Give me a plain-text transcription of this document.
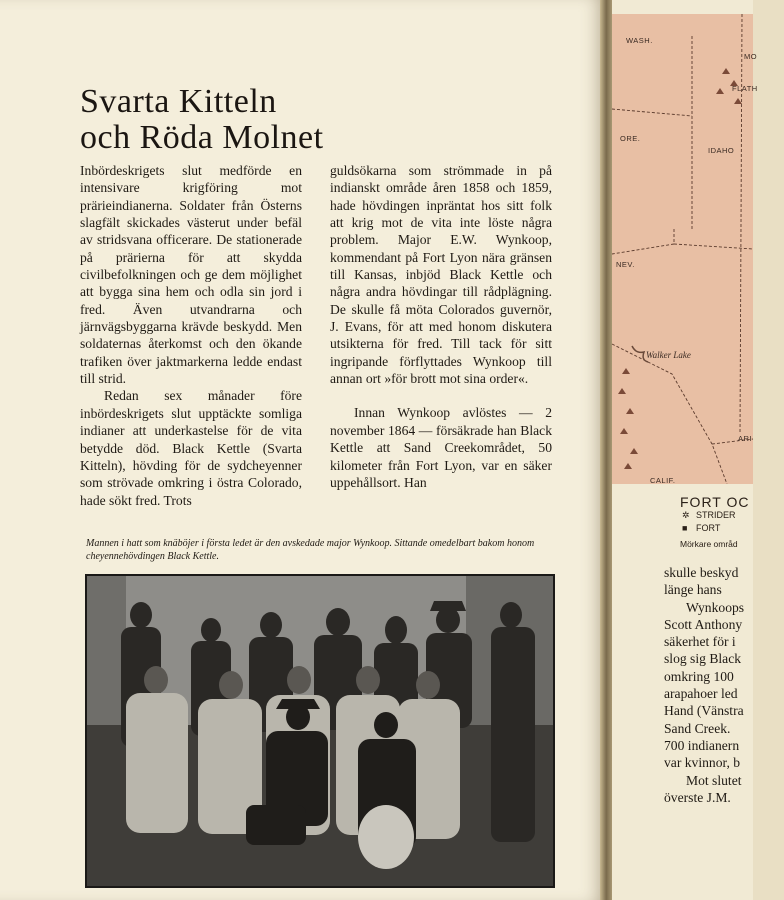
Svarta Kitteln
och Röda Molnet

Inbördeskrigets slut medförde en intensivare krigföring mot prärieindianerna. Soldater från Österns slagfält skickades västerut under befäl av stridsvana officerare. De stationerade på prärierna för att skydda civilbefolkningen och ge dem möjlighet att bygga sina hem och odla sin jord i fred. Även utvandrarna och järnvägsbyggarna krävde beskydd. Men soldaternas återkomst och den ökande trafiken över jaktmarkerna ledde endast till strid.

Redan sex månader före inbördeskrigets slut upptäckte somliga indianer att underkastelse för de vita betydde död. Black Kettle (Svarta Kitteln), hövding för de sydcheyenner som strövade omkring i östra Colorado, hade sökt fred. Trots

guldsökarna som strömmade in på indianskt område åren 1858 och 1859, hade hövdingen inpräntat hos sitt folk att krig mot de vita inte löste några problem. Major E.W. Wynkoop, kommendant på Fort Lyon nära gränsen till Kansas, inbjöd Black Kettle och några andra hövdingar till rådplägning. De skulle få möta Colorados guvernör, J. Evans, för att med honom diskutera utsikterna för fred. Till tack för sitt ingripande förflyttades Wynkoop till annan ort »för brott mot sina order«.

Innan Wynkoop avlöstes — 2 november 1864 — försäkrade han Black Kettle att Sand Creekområdet, 50 kilometer från Fort Lyon, var en säker uppehållsort. Han

Mannen i hatt som knäböjer i första ledet är den avskedade major Wynkoop. Sittande omedelbart bakom honom cheyennehövdingen Black Kettle.

WASH.
MO
FLATH
ORE.
IDAHO
NEV.
ARI
CALIF.
Walker Lake
FORT OC
✲ STRIDER
■ FORT
Mörkare områd
skulle beskyd
länge hans
Wynkoops
Scott Anthony
säkerhet för i
slog sig Black
omkring 100
arapahoer led
Hand (Vänstra
Sand Creek.
700 indianern
var kvinnor, b
Mot slutet
överste J.M.
